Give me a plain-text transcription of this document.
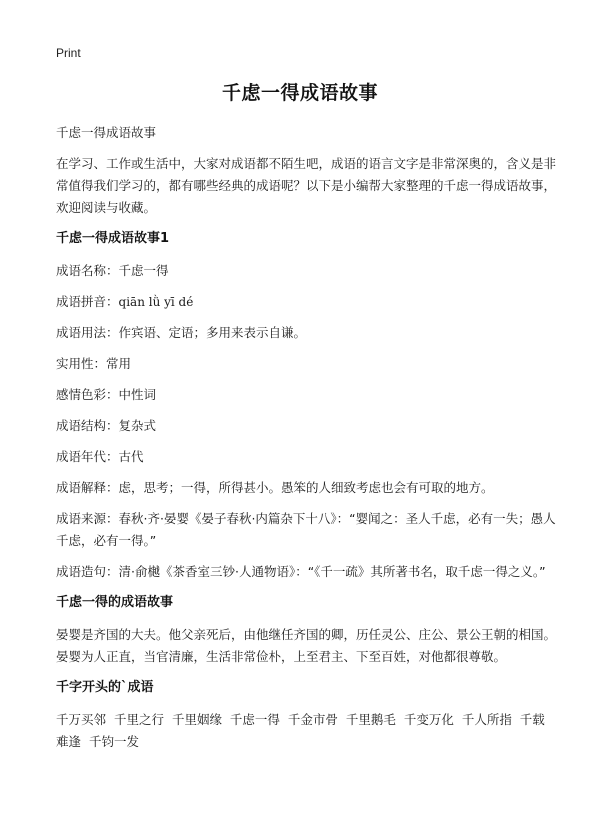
Print
千虑一得成语故事

千虑一得成语故事

在学习、工作或生活中，大家对成语都不陌生吧，成语的语言文字是非常深奥的，含义是非常值得我们学习的，都有哪些经典的成语呢？以下是小编帮大家整理的千虑一得成语故事，欢迎阅读与收藏。

千虑一得成语故事1

成语名称：千虑一得

成语拼音：qiān lǜ yī dé

成语用法：作宾语、定语；多用来表示自谦。

实用性：常用

感情色彩：中性词

成语结构：复杂式

成语年代：古代

成语解释：虑，思考；一得，所得甚小。愚笨的人细致考虑也会有可取的地方。

成语来源：春秋·齐·晏婴《晏子春秋·内篇杂下十八》：“婴闻之：圣人千虑，必有一失；愚人千虑，必有一得。”

成语造句：清·俞樾《茶香室三钞·人通物语》：“《千一疏》其所著书名，取千虑一得之义。”

千虑一得的成语故事

晏婴是齐国的大夫。他父亲死后，由他继任齐国的卿，历任灵公、庄公、景公王朝的相国。晏婴为人正直，当官清廉，生活非常俭朴，上至君主、下至百姓，对他都很尊敬。

千字开头的`成语

千万买邻 千里之行 千里姻缘 千虑一得 千金市骨 千里鹅毛 千变万化 千人所指 千载难逢 千钧一发
